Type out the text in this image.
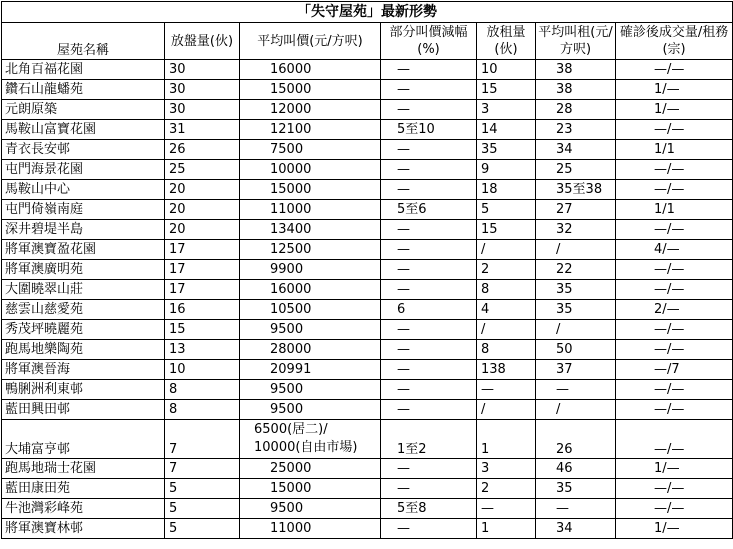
「失守屋苑」最新形勢						
屋苑名稱	放盤量(伙)	平均叫價(元/方呎)	部分叫價減幅(%)	放租量(伙)	平均叫租(元/方呎)	確診後成交量/租務(宗)
北角百福花園	30	16000	—	10	38	—/—
鑽石山龍蟠苑	30	15000	—	15	38	1/—
元朗原築	30	12000	—	3	28	1/—
馬鞍山富寶花園	31	12100	5至10	14	23	—/—
青衣長安邨	26	7500	—	35	34	1/1
屯門海景花園	25	10000	—	9	25	—/—
馬鞍山中心	20	15000	—	18	35至38	—/—
屯門倚嶺南庭	20	11000	5至6	5	27	1/1
深井碧堤半島	20	13400	—	15	32	—/—
將軍澳寶盈花園	17	12500	—	/	/	4/—
將軍澳廣明苑	17	9900	—	2	22	—/—
大圍曉翠山莊	17	16000	—	8	35	—/—
慈雲山慈愛苑	16	10500	6	4	35	2/—
秀茂坪曉麗苑	15	9500	—	/	/	—/—
跑馬地樂陶苑	13	28000	—	8	50	—/—
將軍澳晉海	10	20991	—	138	37	—/7
鴨脷洲利東邨	8	9500	—	—	—	—/—
藍田興田邨	8	9500	—	/	/	—/—
大埔富亨邨	7	6500(居二)/ 10000(自由市場)	1至2	1	26	—/—
跑馬地瑞士花園	7	25000	—	3	46	1/—
藍田康田苑	5	15000	—	2	35	—/—
牛池灣彩峰苑	5	9500	5至8	—	—	—/—
將軍澳寶林邨	5	11000	—	1	34	1/—
